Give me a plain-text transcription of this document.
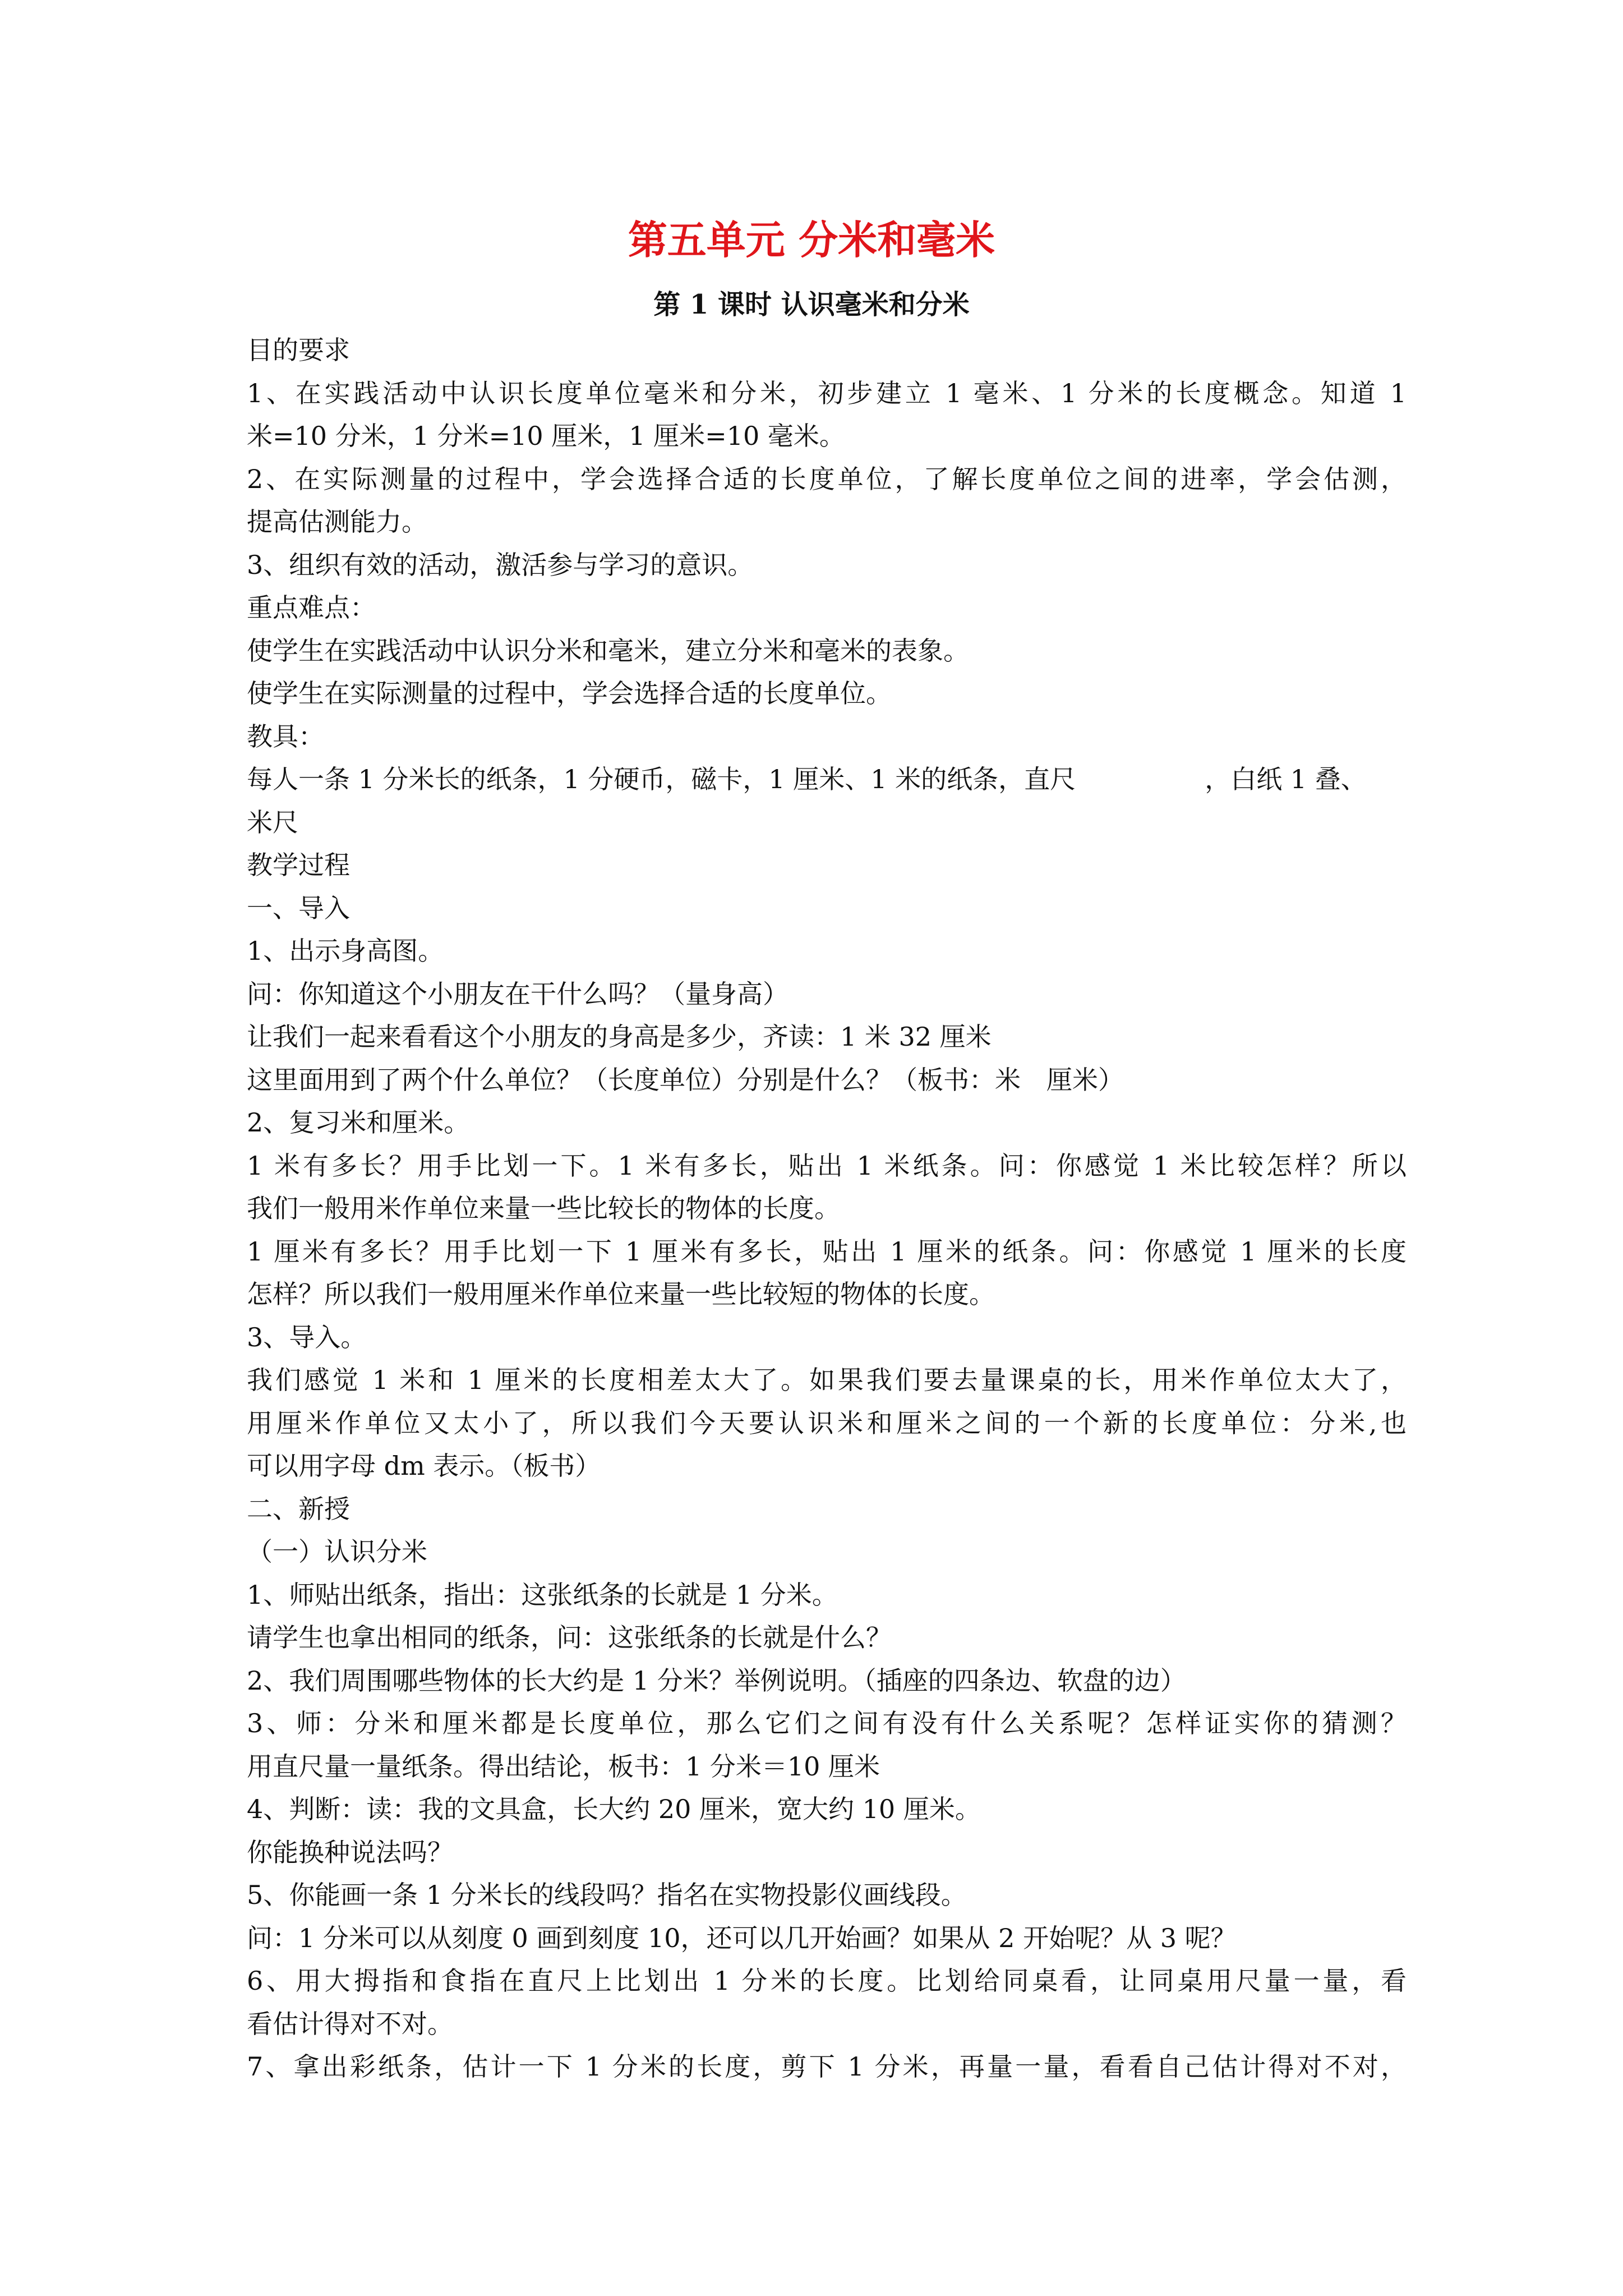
第五单元 分米和毫米
第 1 课时 认识毫米和分米
目的要求
1、在实践活动中认识长度单位毫米和分米，初步建立 1 毫米、1 分米的长度概念。知道 1
米=10 分米，1 分米=10 厘米，1 厘米=10 毫米。
2、在实际测量的过程中，学会选择合适的长度单位，了解长度单位之间的进率，学会估测，
提高估测能力。
3、组织有效的活动，激活参与学习的意识。
重点难点：
使学生在实践活动中认识分米和毫米，建立分米和毫米的表象。
使学生在实际测量的过程中，学会选择合适的长度单位。
教具：
每人一条 1 分米长的纸条，1 分硬币，磁卡，1 厘米、1 米的纸条，直尺	，白纸 1 叠、
米尺
教学过程
一、导入
1、出示身高图。
问：你知道这个小朋友在干什么吗？（量身高）
让我们一起来看看这个小朋友的身高是多少，齐读：1 米 32 厘米
这里面用到了两个什么单位？（长度单位）分别是什么？（板书：米　厘米）
2、复习米和厘米。
1 米有多长？用手比划一下。1 米有多长，贴出 1 米纸条。问：你感觉 1 米比较怎样？所以
我们一般用米作单位来量一些比较长的物体的长度。
1 厘米有多长？用手比划一下 1 厘米有多长，贴出 1 厘米的纸条。问：你感觉 1 厘米的长度
怎样？所以我们一般用厘米作单位来量一些比较短的物体的长度。
3、导入。
我们感觉 1 米和 1 厘米的长度相差太大了。如果我们要去量课桌的长，用米作单位太大了，
用厘米作单位又太小了，所以我们今天要认识米和厘米之间的一个新的长度单位：分米,也
可以用字母 dm 表示。（板书）
二、新授
（一）认识分米
1、师贴出纸条，指出：这张纸条的长就是 1 分米。
请学生也拿出相同的纸条，问：这张纸条的长就是什么？
2、我们周围哪些物体的长大约是 1 分米？举例说明。（插座的四条边、软盘的边）
3、师：分米和厘米都是长度单位，那么它们之间有没有什么关系呢？怎样证实你的猜测？
用直尺量一量纸条。得出结论，板书：1 分米＝10 厘米
4、判断：读：我的文具盒，长大约 20 厘米，宽大约 10 厘米。
你能换种说法吗？
5、你能画一条 1 分米长的线段吗？指名在实物投影仪画线段。
问：1 分米可以从刻度 0 画到刻度 10，还可以几开始画？如果从 2 开始呢？从 3 呢？
6、用大拇指和食指在直尺上比划出 1 分米的长度。比划给同桌看，让同桌用尺量一量，看
看估计得对不对。
7、拿出彩纸条，估计一下 1 分米的长度，剪下 1 分米，再量一量，看看自己估计得对不对，
